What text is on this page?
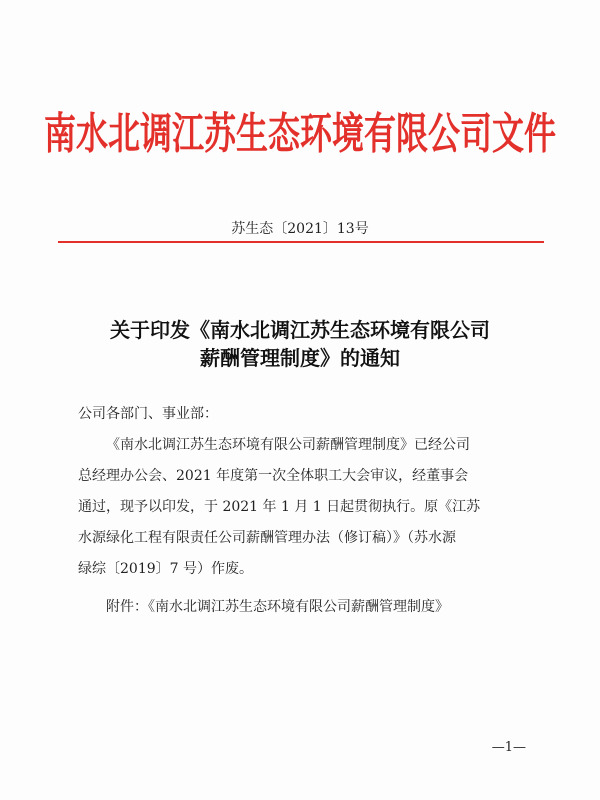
南水北调江苏生态环境有限公司文件
苏生态〔2021〕13号
关于印发《南水北调江苏生态环境有限公司
薪酬管理制度》的通知
公司各部门、事业部：
《南水北调江苏生态环境有限公司薪酬管理制度》已经公司
总经理办公会、2021 年度第一次全体职工大会审议，经董事会
通过，现予以印发，于 2021 年 1 月 1 日起贯彻执行。原《江苏
水源绿化工程有限责任公司薪酬管理办法（修订稿）》（苏水源
绿综〔2019〕7 号）作废。
附件：《南水北调江苏生态环境有限公司薪酬管理制度》
—1—
